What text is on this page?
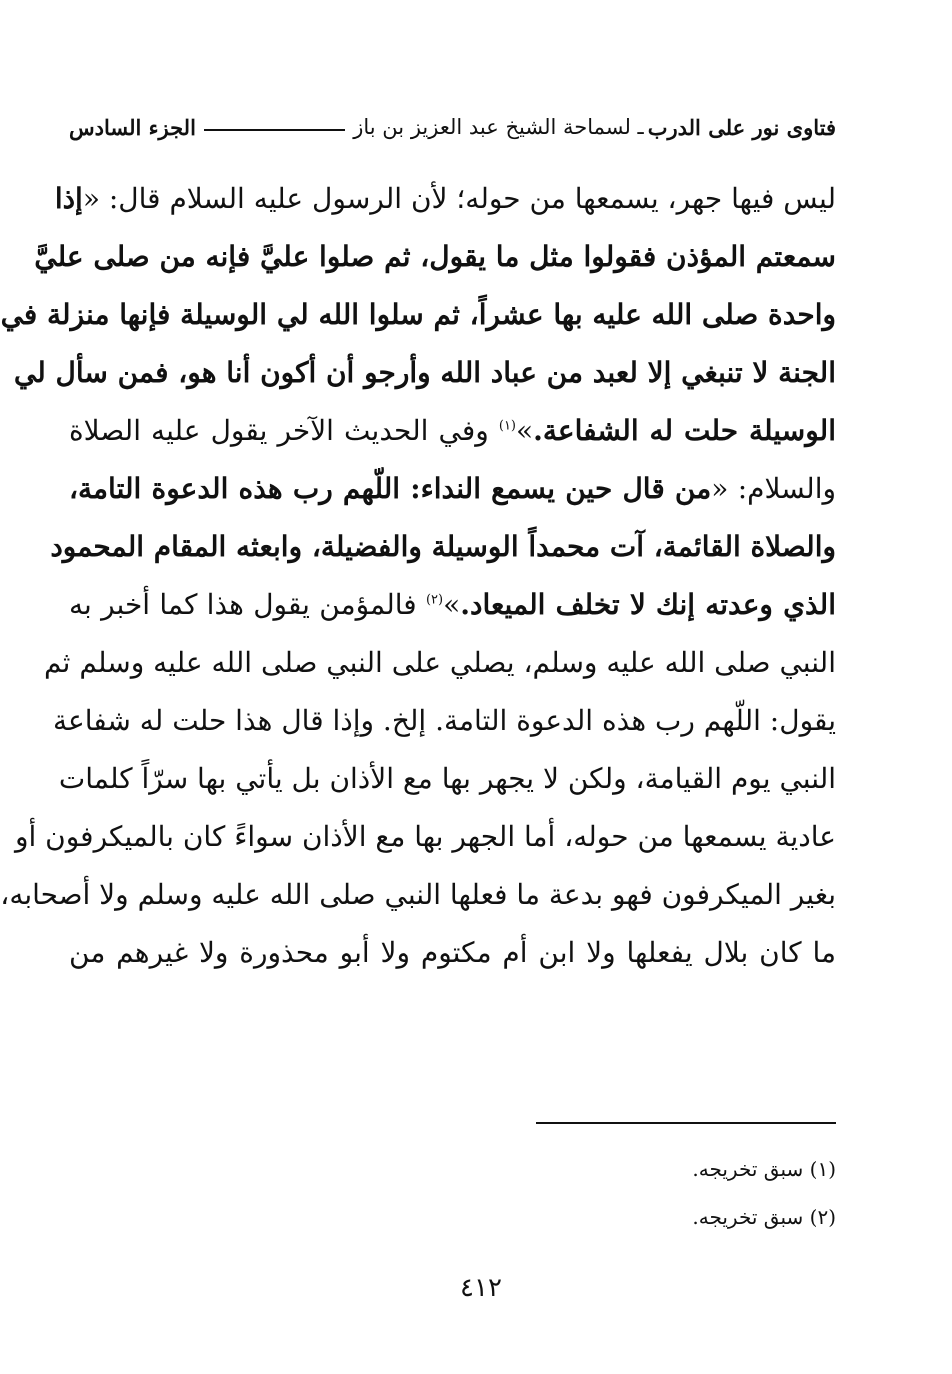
فتاوى نور على الدرب
ـ لسماحة الشيخ عبد العزيز بن باز
الجزء السادس
ليس فيها جهر، يسمعها من حوله؛ لأن الرسول عليه السلام قال: «إذا
سمعتم المؤذن فقولوا مثل ما يقول، ثم صلوا عليَّ فإنه من صلى عليَّ
واحدة صلى الله عليه بها عشراً، ثم سلوا الله لي الوسيلة فإنها منزلة في
الجنة لا تنبغي إلا لعبد من عباد الله وأرجو أن أكون أنا هو، فمن سأل لي
الوسيلة حلت له الشفاعة.»$^{(١)}$ وفي الحديث الآخر يقول عليه الصلاة
والسلام: «من قال حين يسمع النداء: اللّهم رب هذه الدعوة التامة،
والصلاة القائمة، آت محمداً الوسيلة والفضيلة، وابعثه المقام المحمود
الذي وعدته إنك لا تخلف الميعاد.»$^{(٢)}$ فالمؤمن يقول هذا كما أخبر به
النبي صلى الله عليه وسلم، يصلي على النبي صلى الله عليه وسلم ثم
يقول: اللّهم رب هذه الدعوة التامة. إلخ. وإذا قال هذا حلت له شفاعة
النبي يوم القيامة، ولكن لا يجهر بها مع الأذان بل يأتي بها سرّاً كلمات
عادية يسمعها من حوله، أما الجهر بها مع الأذان سواءً كان بالميكرفون أو
بغير الميكرفون فهو بدعة ما فعلها النبي صلى الله عليه وسلم ولا أصحابه،
ما كان بلال يفعلها ولا ابن أم مكتوم ولا أبو محذورة ولا غيرهم من
(١) سبق تخريجه.
(٢) سبق تخريجه.
٤١٢
